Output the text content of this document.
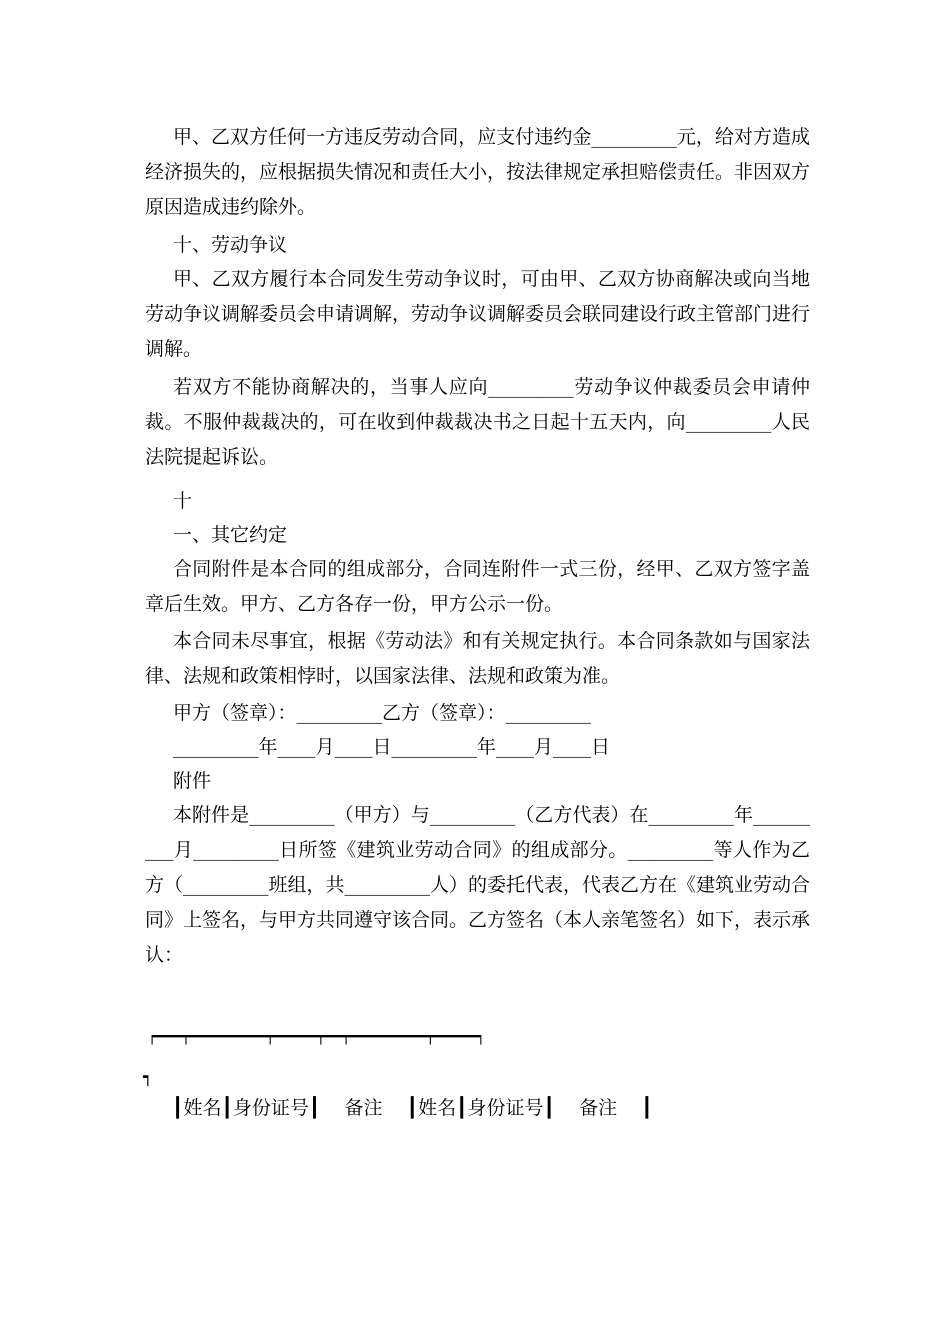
甲、乙双方任何一方违反劳动合同，应支付违约金_________元，给对方造成经济损失的，应根据损失情况和责任大小，按法律规定承担赔偿责任。非因双方原因造成违约除外。

十、劳动争议

甲、乙双方履行本合同发生劳动争议时，可由甲、乙双方协商解决或向当地劳动争议调解委员会申请调解，劳动争议调解委员会联同建设行政主管部门进行调解。

若双方不能协商解决的，当事人应向_________劳动争议仲裁委员会申请仲裁。不服仲裁裁决的，可在收到仲裁裁决书之日起十五天内，向_________人民法院提起诉讼。

十

一、其它约定

合同附件是本合同的组成部分，合同连附件一式三份，经甲、乙双方签字盖章后生效。甲方、乙方各存一份，甲方公示一份。

本合同未尽事宜，根据《劳动法》和有关规定执行。本合同条款如与国家法律、法规和政策相悖时，以国家法律、法规和政策为准。

甲方（签章）：_________乙方（签章）：_________

_________年____月____日_________年____月____日

附件

本附件是_________（甲方）与_________（乙方代表）在_________年_________月_________日所签《建筑业劳动合同》的组成部分。_________等人作为乙方（_________班组，共_________人）的委托代表，代表乙方在《建筑业劳动合同》上签名，与甲方共同遵守该合同。乙方签名（本人亲笔签名）如下，表示承认：

┍━━━┯━━━━━━━━━┯━━━━━┯━━┯━━━━━━━━━┯━━━━━┑
┑
┃姓名┃身份证号┃    备注    ┃姓名┃身份证号┃    备注    ┃
